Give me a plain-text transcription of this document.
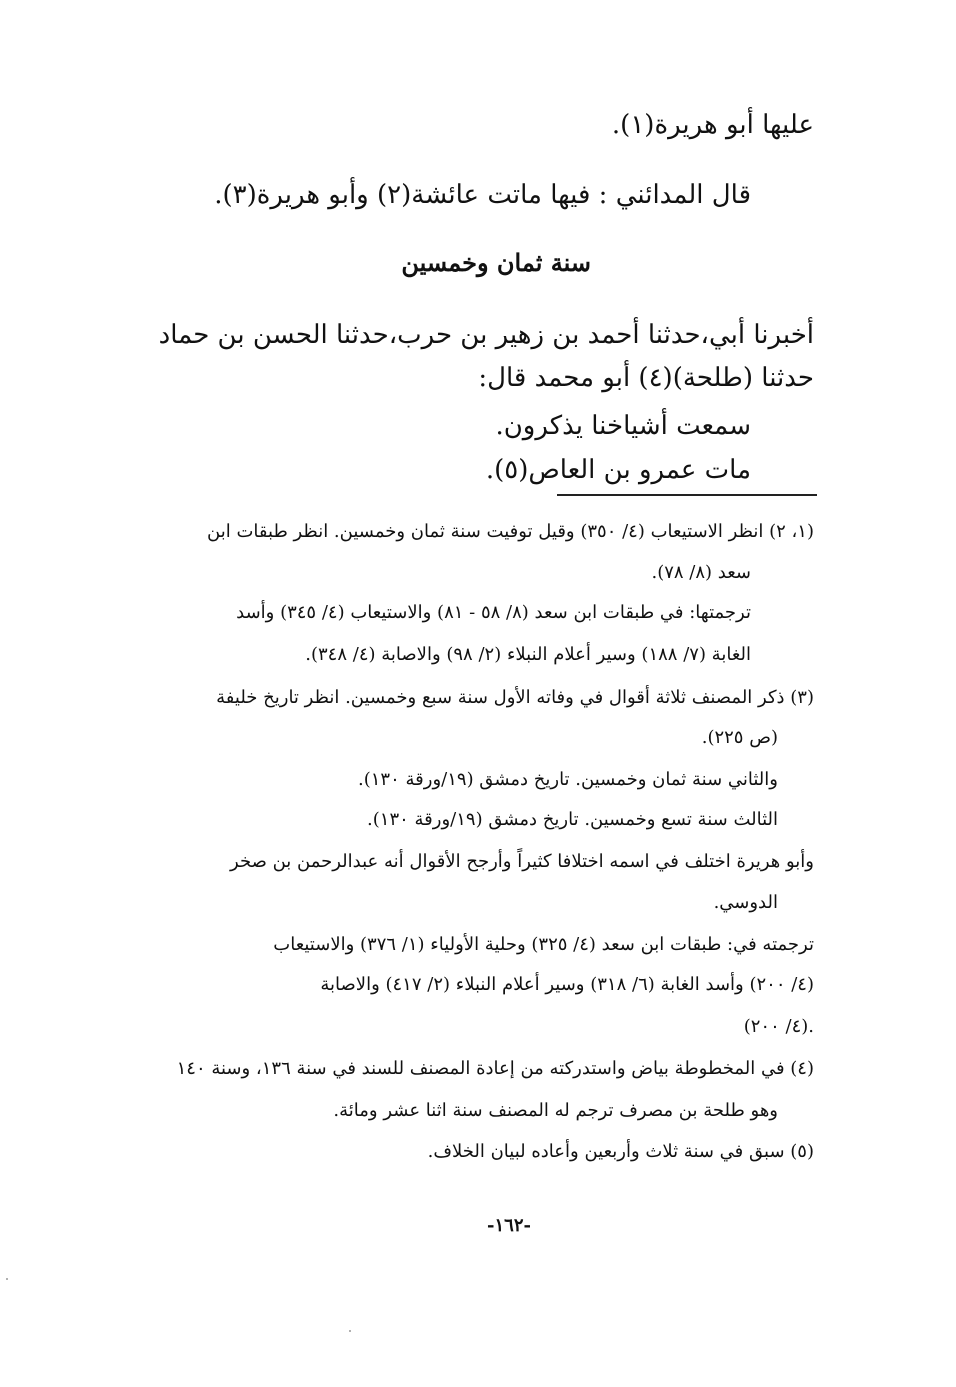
عليها أبو هريرة(١).
قال المدائني : فيها ماتت عائشة(٢) وأبو هريرة(٣).
سنة ثمان وخمسين
أخبرنا أبي،حدثنا أحمد بن زهير بن حرب،حدثنا الحسن بن حماد
حدثنا (طلحة)(٤) أبو محمد قال:
سمعت أشياخنا يذكرون.
مات عمرو بن العاص(٥).
(١، ٢) انظر الاستيعاب (٤/ ٣٥٠) وقيل توفيت سنة ثمان وخمسين. انظر طبقات ابن
سعد (٨/ ٧٨).
ترجمتها: في طبقات ابن سعد (٨/ ٥٨ - ٨١) والاستيعاب (٤/ ٣٤٥) وأسد
الغابة (٧/ ١٨٨) وسير أعلام النبلاء (٢/ ٩٨) والاصابة (٤/ ٣٤٨).
(٣) ذكر المصنف ثلاثة أقوال في وفاته الأول سنة سبع وخمسين. انظر تاريخ خليفة
(ص ٢٢٥).
والثاني سنة ثمان وخمسين. تاريخ دمشق (١٩/ورقة ١٣٠).
الثالث سنة تسع وخمسين. تاريخ دمشق (١٩/ورقة ١٣٠).
وأبو هريرة اختلف في اسمه اختلافا كثيراً وأرجح الأقوال أنه عبدالرحمن بن صخر
الدوسي.
ترجمته في: طبقات ابن سعد (٤/ ٣٢٥) وحلية الأولياء (١/ ٣٧٦) والاستيعاب
(٤/ ٢٠٠) وأسد الغابة (٦/ ٣١٨) وسير أعلام النبلاء (٢/ ٤١٧) والاصابة
(٤/ ٢٠٠).
(٤) في المخطوطة بياض واستدركته من إعادة المصنف للسند في سنة ١٣٦، وسنة ١٤٠
وهو طلحة بن مصرف ترجم له المصنف سنة اثنا عشر ومائة.
(٥) سبق في سنة ثلاث وأربعين وأعاده لبيان الخلاف.
-١٦٢-
